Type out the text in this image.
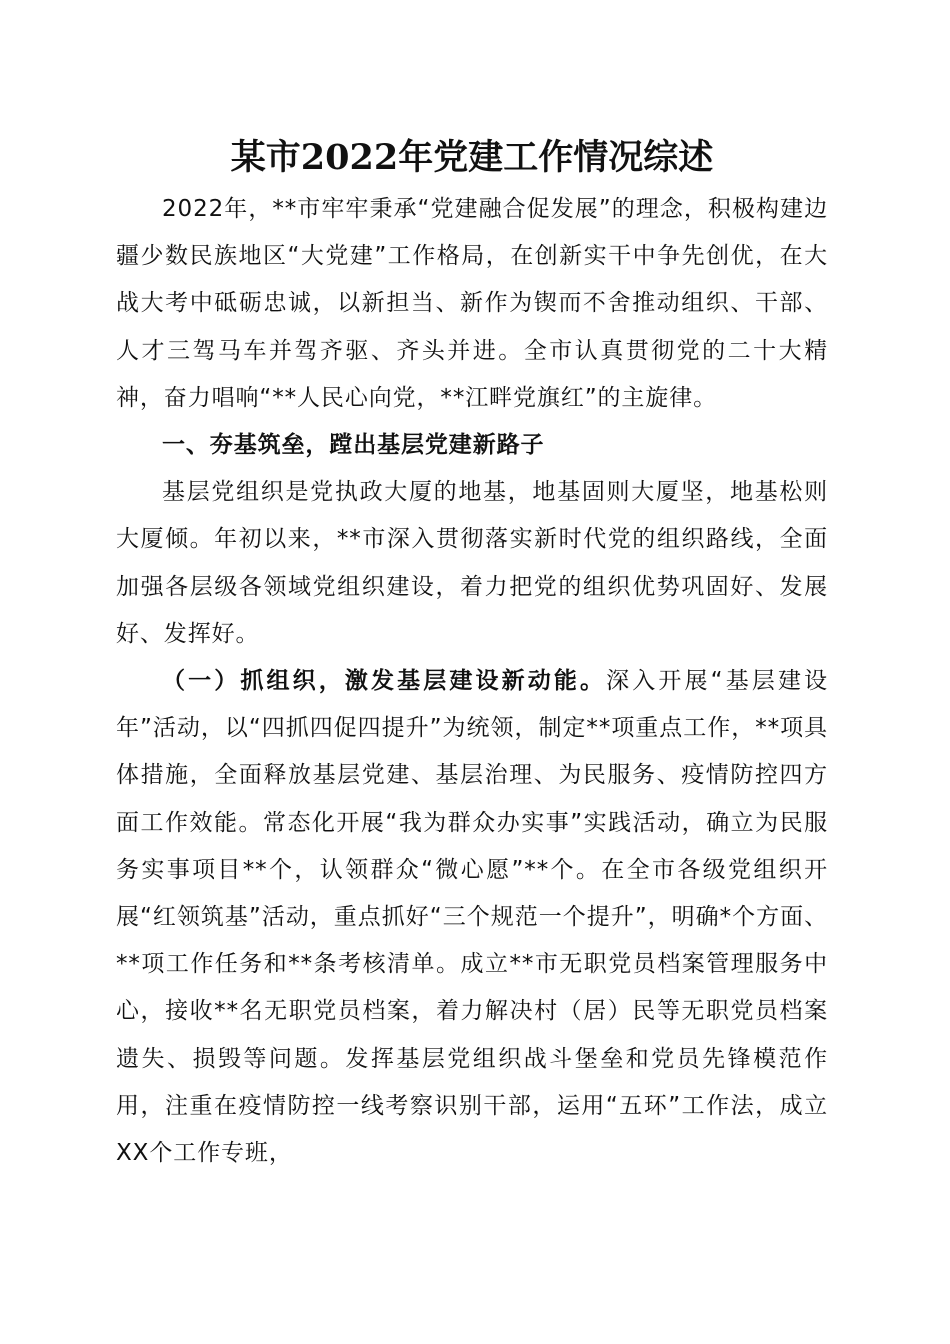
某市2022年党建工作情况综述

2022年，**市牢牢秉承“党建融合促发展”的理念，积极构建边疆少数民族地区“大党建”工作格局，在创新实干中争先创优，在大战大考中砥砺忠诚，以新担当、新作为锲而不舍推动组织、干部、人才三驾马车并驾齐驱、齐头并进。全市认真贯彻党的二十大精神，奋力唱响“**人民心向党，**江畔党旗红”的主旋律。

一、夯基筑垒，蹚出基层党建新路子

基层党组织是党执政大厦的地基，地基固则大厦坚，地基松则大厦倾。年初以来，**市深入贯彻落实新时代党的组织路线，全面加强各层级各领域党组织建设，着力把党的组织优势巩固好、发展好、发挥好。

（一）抓组织，激发基层建设新动能。深入开展“基层建设年”活动，以“四抓四促四提升”为统领，制定**项重点工作，**项具体措施，全面释放基层党建、基层治理、为民服务、疫情防控四方面工作效能。常态化开展“我为群众办实事”实践活动，确立为民服务实事项目**个，认领群众“微心愿”**个。在全市各级党组织开展“红领筑基”活动，重点抓好“三个规范一个提升”，明确*个方面、**项工作任务和**条考核清单。成立**市无职党员档案管理服务中心，接收**名无职党员档案，着力解决村（居）民等无职党员档案遗失、损毁等问题。发挥基层党组织战斗堡垒和党员先锋模范作用，注重在疫情防控一线考察识别干部，运用“五环”工作法，成立XX个工作专班，
